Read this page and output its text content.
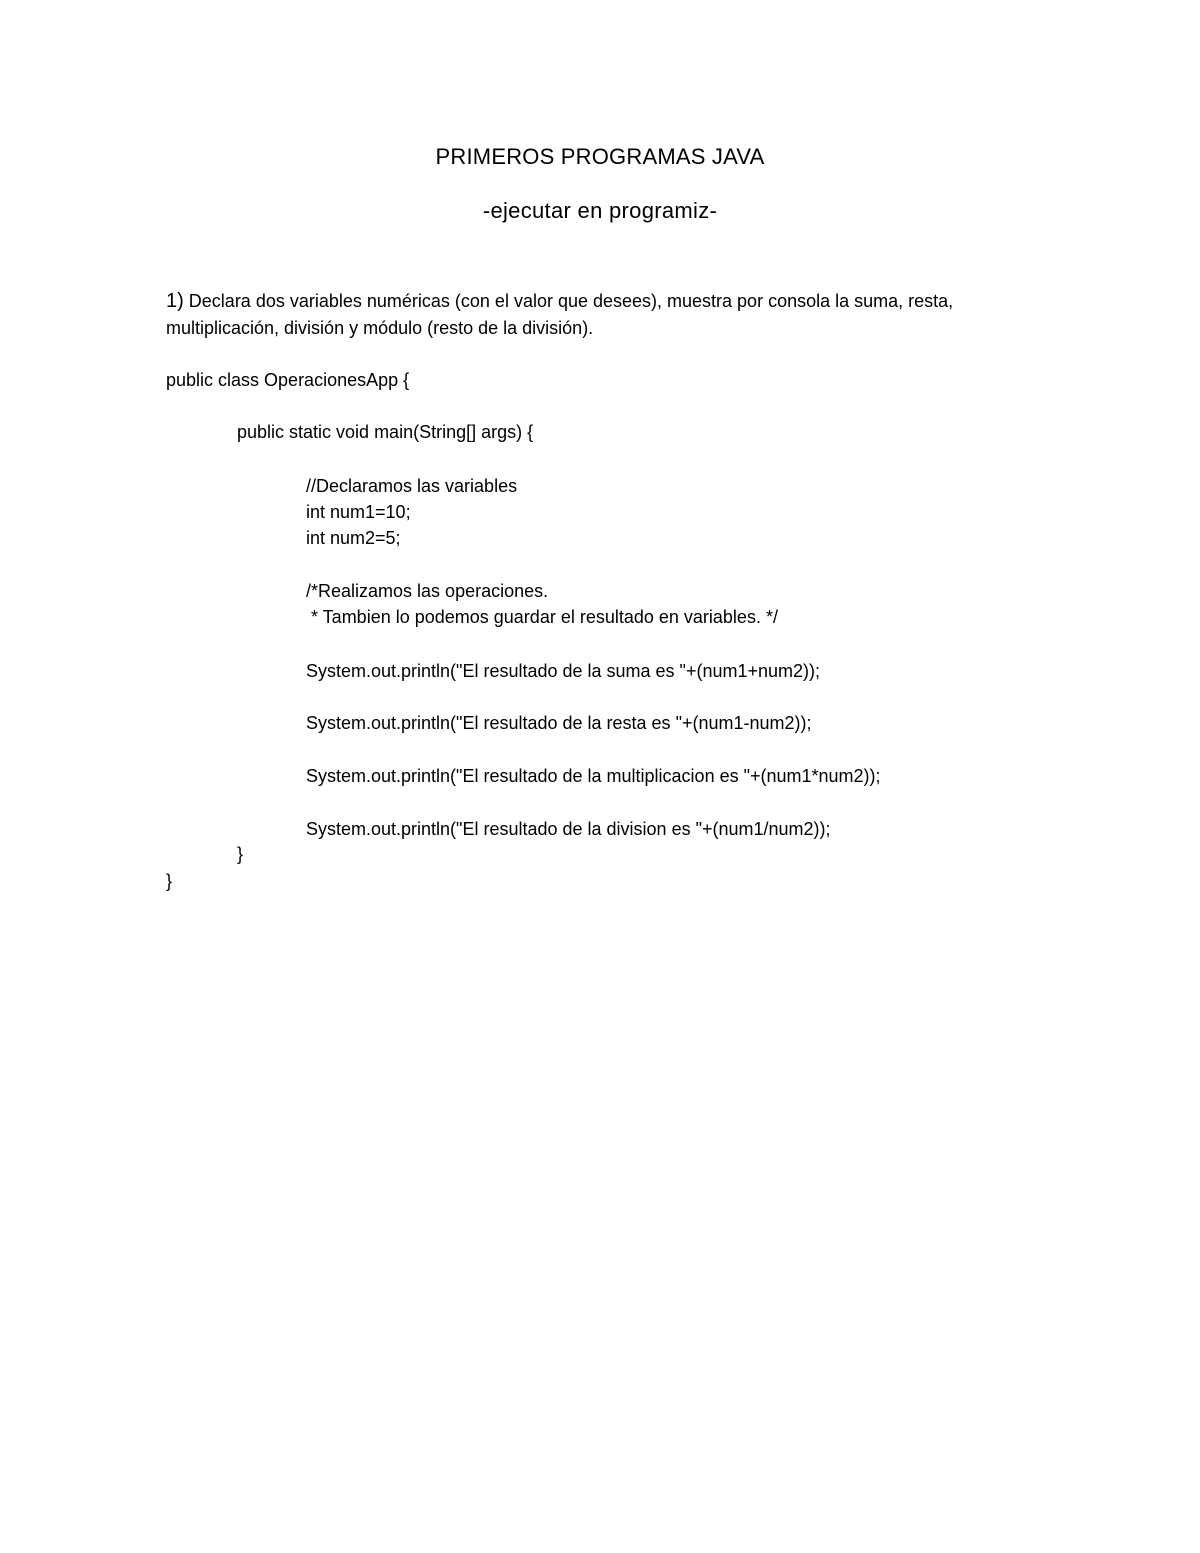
PRIMEROS PROGRAMAS JAVA
-ejecutar en programiz-
1) Declara dos variables numéricas (con el valor que desees), muestra por consola la suma, resta, multiplicación, división y módulo (resto de la división).
public class OperacionesApp {
public static void main(String[] args) {
//Declaramos las variables
int num1=10;
int num2=5;
/*Realizamos las operaciones.
* Tambien lo podemos guardar el resultado en variables. */
System.out.println("El resultado de la suma es "+(num1+num2));
System.out.println("El resultado de la resta es "+(num1-num2));
System.out.println("El resultado de la multiplicacion es "+(num1*num2));
System.out.println("El resultado de la division es "+(num1/num2));
}
}
